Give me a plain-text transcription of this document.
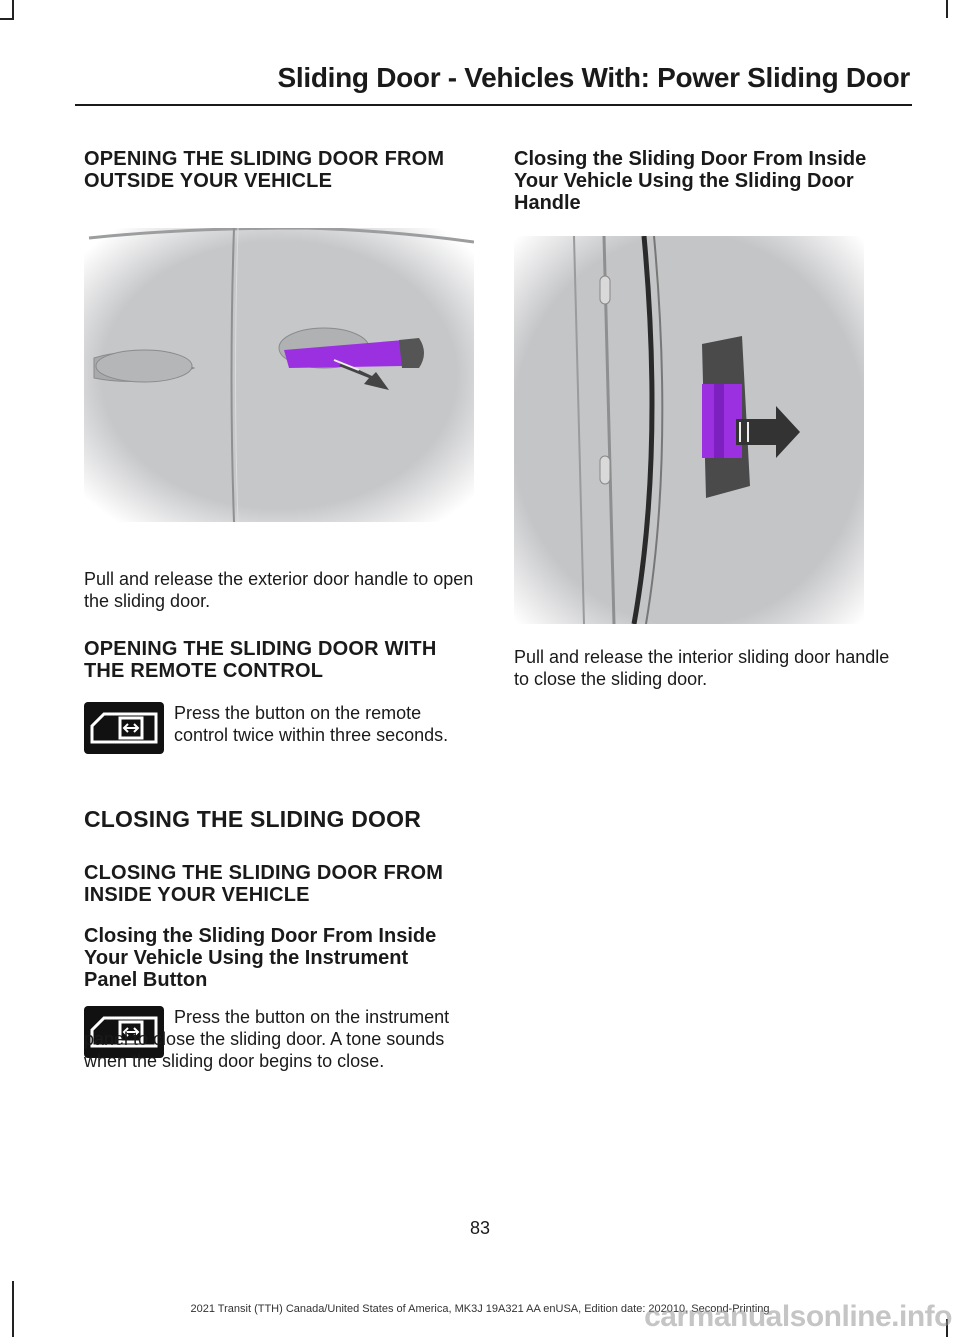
Sliding Door - Vehicles With: Power Sliding Door
OPENING THE SLIDING DOOR FROM OUTSIDE YOUR VEHICLE
Pull and release the exterior door handle to open the sliding door.
OPENING THE SLIDING DOOR WITH THE REMOTE CONTROL
Press the button on the remote control twice within three seconds.
CLOSING THE SLIDING DOOR
CLOSING THE SLIDING DOOR FROM INSIDE YOUR VEHICLE
Closing the Sliding Door From Inside Your Vehicle Using the Instrument Panel Button
Press the button on the instrument panel to close the sliding door. A tone sounds when the sliding door begins to close.
Closing the Sliding Door From Inside Your Vehicle Using the Sliding Door Handle
Pull and release the interior sliding door handle to close the sliding door.
83
2021 Transit (TTH) Canada/United States of America, MK3J 19A321 AA enUSA, Edition date: 202010, Second-Printing
carmanualsonline.info
